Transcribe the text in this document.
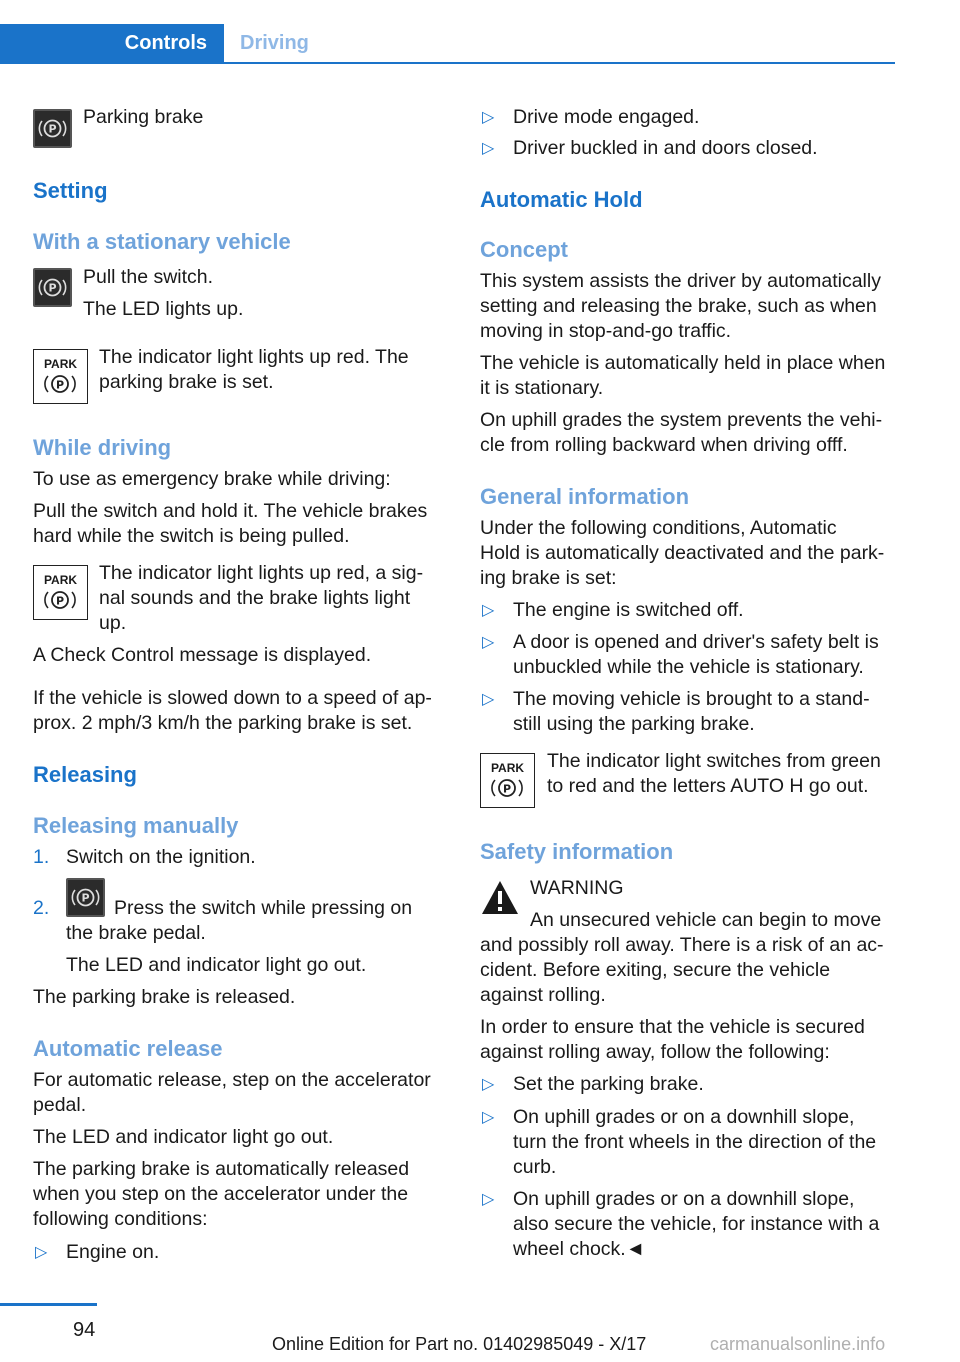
Controls	Driving
P
Parking brake
Setting
With a stationary vehicle
P Pull the switch.
The LED lights up.
PARK
P
The indicator light lights up red. The
parking brake is set.
While driving
To use as emergency brake while driving:
Pull the switch and hold it. The vehicle brakes
hard while the switch is being pulled.
PARK
P
The indicator light lights up red, a sig‐
nal sounds and the brake lights light
up.
A Check Control message is displayed.
If the vehicle is slowed down to a speed of ap‐
prox. 2 mph/3 km/h the parking brake is set.
Releasing
Releasing manually
1. Switch on the ignition.
2.	P Press the switch while pressing on
the brake pedal.
The LED and indicator light go out.
The parking brake is released.
Automatic release
For automatic release, step on the accelerator
pedal.
The LED and indicator light go out.
The parking brake is automatically released
when you step on the accelerator under the
following conditions:
▷ Engine on.
▷ Drive mode engaged.
▷ Driver buckled in and doors closed.
Automatic Hold
Concept
This system assists the driver by automatically
setting and releasing the brake, such as when
moving in stop-and-go traffic.
The vehicle is automatically held in place when
it is stationary.
On uphill grades the system prevents the vehi‐
cle from rolling backward when driving offf.
General information
Under the following conditions, Automatic
Hold is automatically deactivated and the park‐
ing brake is set:
▷ The engine is switched off.
▷ A door is opened and driver's safety belt is
unbuckled while the vehicle is stationary.
▷ The moving vehicle is brought to a stand‐
still using the parking brake.
PARK
P
The indicator light switches from green
to red and the letters AUTO H go out.
Safety information
WARNING
An unsecured vehicle can begin to move
and possibly roll away. There is a risk of an ac‐
cident. Before exiting, secure the vehicle
against rolling.
In order to ensure that the vehicle is secured
against rolling away, follow the following:
▷ Set the parking brake.
▷ On uphill grades or on a downhill slope,
turn the front wheels in the direction of the
curb.
▷ On uphill grades or on a downhill slope,
also secure the vehicle, for instance with a
wheel chock.◄
94
Online Edition for Part no. 01402985049 - X/17	carmanualsonline.info
